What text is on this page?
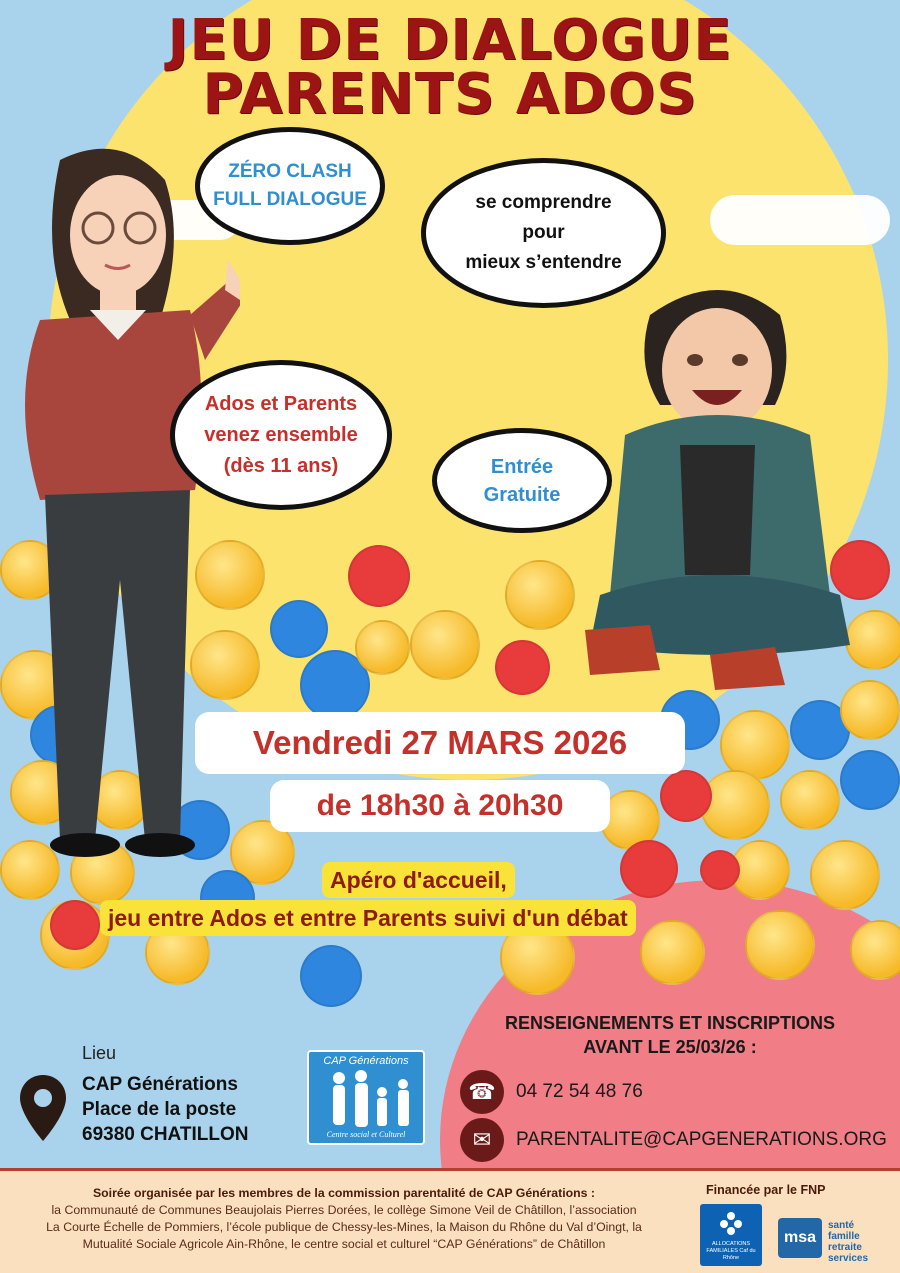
JEU DE DIALOGUE
PARENTS ADOS
ZÉRO CLASH
FULL DIALOGUE	se comprendre
pour
mieux s’entendre
Ados et Parents
venez ensemble
(dès 11 ans)	Entrée
Gratuite
Vendredi 27 MARS 2026
de 18h30 à 20h30
Apéro d'accueil,
jeu entre Ados et entre Parents suivi d'un débat
Lieu
CAP Générations
Place de la poste
69380 CHATILLON
CAP Générations
Centre social et Culturel
RENSEIGNEMENTS ET INSCRIPTIONS
AVANT LE 25/03/26 :
☎	04 72 54 48 76
✉	PARENTALITE@CAPGENERATIONS.ORG
Soirée organisée par les membres de la commission parentalité de CAP Générations :
la Communauté de Communes Beaujolais Pierres Dorées, le collège Simone Veil de Châtillon, l’association
La Courte Échelle de Pommiers, l’école publique de Chessy-les-Mines, la Maison du Rhône du Val d’Oingt, la
Mutualité Sociale Agricole Ain-Rhône, le centre social et culturel “CAP Générations” de Châtillon
Financée par le FNP
ALLOCATIONS FAMILIALES Caf du Rhône
msa
santé
famille
retraite
services
